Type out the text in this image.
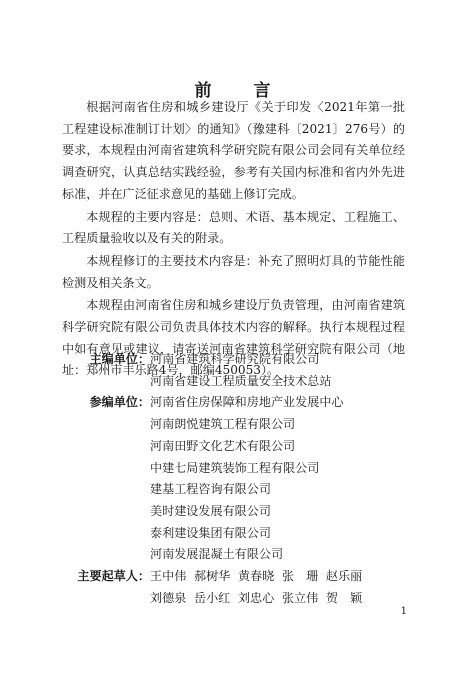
前 言

根据河南省住房和城乡建设厅《关于印发〈2021年第一批工程建设标准制订计划〉的通知》（豫建科〔2021〕276号）的要求，本规程由河南省建筑科学研究院有限公司会同有关单位经调查研究，认真总结实践经验，参考有关国内标准和省内外先进标准，并在广泛征求意见的基础上修订完成。

本规程的主要内容是：总则、术语、基本规定、工程施工、工程质量验收以及有关的附录。

本规程修订的主要技术内容是：补充了照明灯具的节能性能检测及相关条文。

本规程由河南省住房和城乡建设厅负责管理，由河南省建筑科学研究院有限公司负责具体技术内容的解释。执行本规程过程中如有意见或建议，请寄送河南省建筑科学研究院有限公司（地址：郑州市丰乐路4号，邮编450053）。

主编单位： 河南省建筑科学研究院有限公司
河南省建设工程质量安全技术总站
参编单位： 河南省住房保障和房地产业发展中心
河南朗悦建筑工程有限公司
河南田野文化艺术有限公司
中建七局建筑装饰工程有限公司
建基工程咨询有限公司
美时建设发展有限公司
泰利建设集团有限公司
河南发展混凝土有限公司
主要起草人： 王中伟  郝树华  黄春晓  张　珊  赵乐丽
刘德泉  岳小红  刘忠心  张立伟  贺　颖
1
